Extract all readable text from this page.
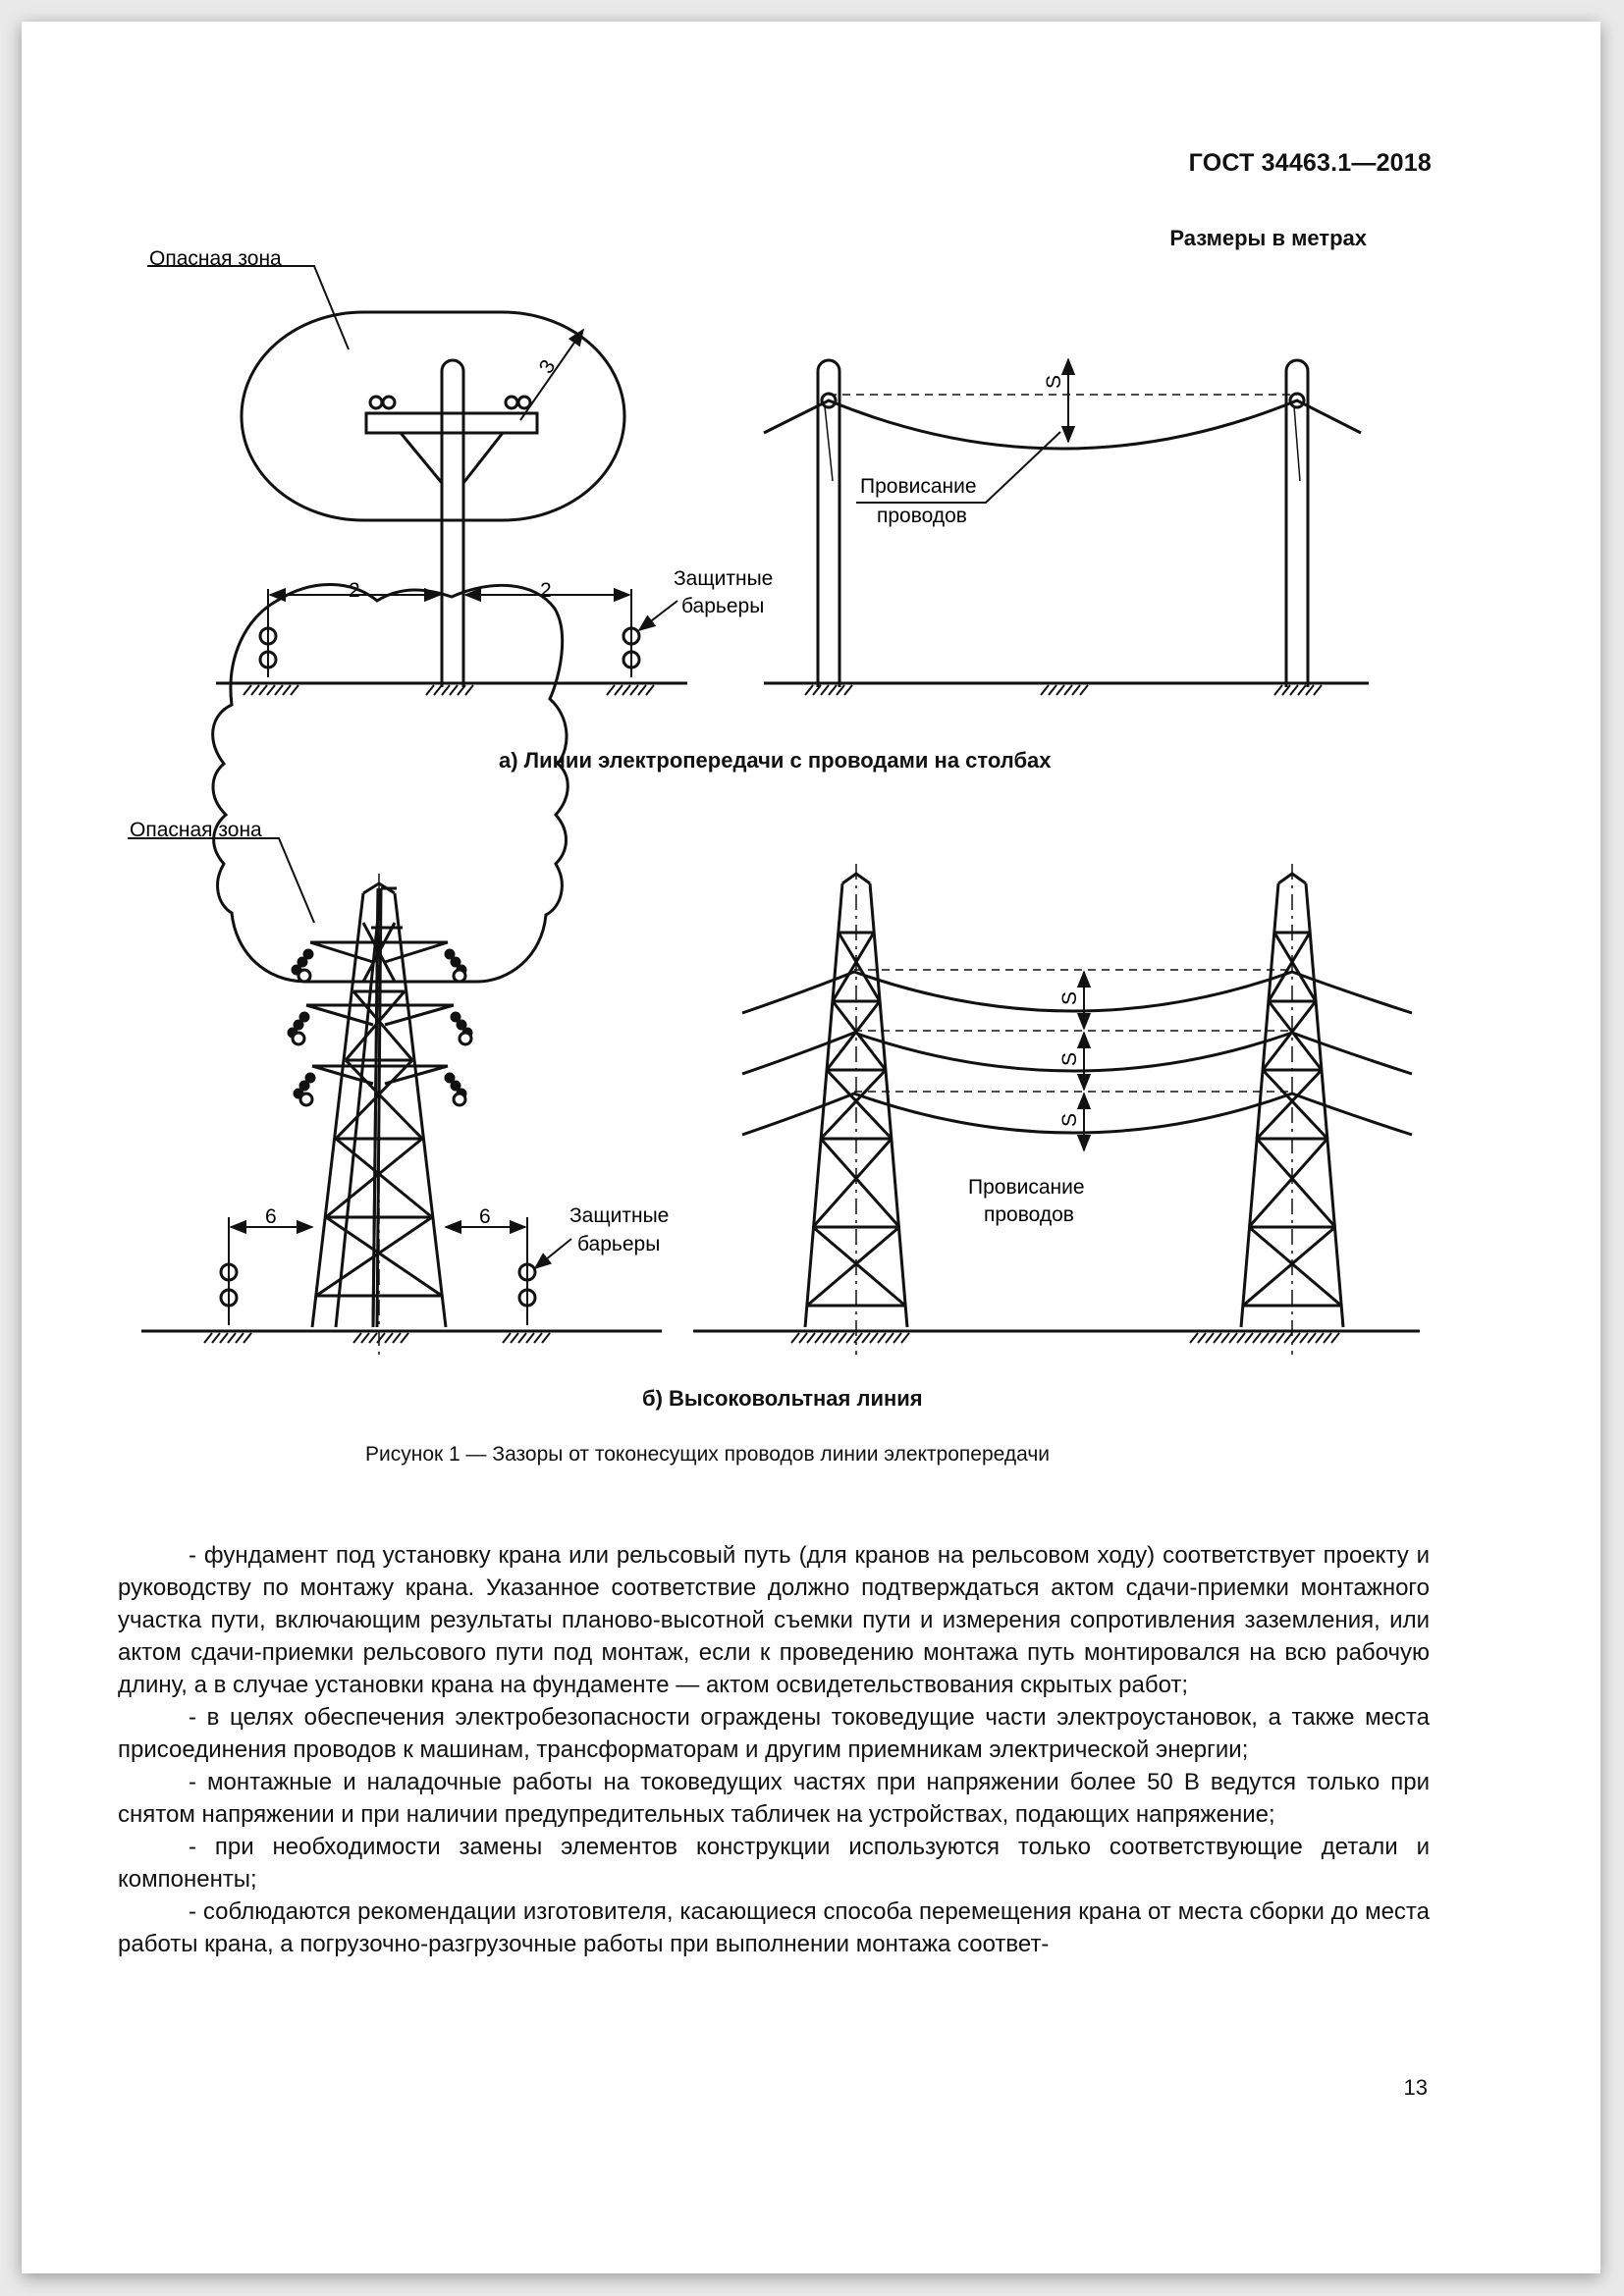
ГОСТ 34463.1—2018
Размеры в метрах
Опасная зона
2	2
3
Защитные
барьеры
S
Провисание
проводов
Опасная зона
6	6	Защитные
барьеры
S
S
S
Провисание
проводов
а) Линии электропередачи с проводами на столбах
б) Высоковольтная линия
Рисунок 1 — Зазоры от токонесущих проводов линии электропередачи

- фундамент под установку крана или рельсовый путь (для кранов на рельсовом ходу) соответствует проекту и руководству по монтажу крана. Указанное соответствие должно подтверждаться актом сдачи-приемки монтажного участка пути, включающим результаты планово-высотной съемки пути и измерения сопротивления заземления, или актом сдачи-приемки рельсового пути под монтаж, если к проведению монтажа путь монтировался на всю рабочую длину, а в случае установки крана на фундаменте — актом освидетельствования скрытых работ;

- в целях обеспечения электробезопасности ограждены токоведущие части электроустановок, а также места присоединения проводов к машинам, трансформаторам и другим приемникам электрической энергии;

- монтажные и наладочные работы на токоведущих частях при напряжении более 50 В ведутся только при снятом напряжении и при наличии предупредительных табличек на устройствах, подающих напряжение;

- при необходимости замены элементов конструкции используются только соответствующие детали и компоненты;

- соблюдаются рекомендации изготовителя, касающиеся способа перемещения крана от места сборки до места работы крана, а погрузочно-разгрузочные работы при выполнении монтажа соответ-

13
